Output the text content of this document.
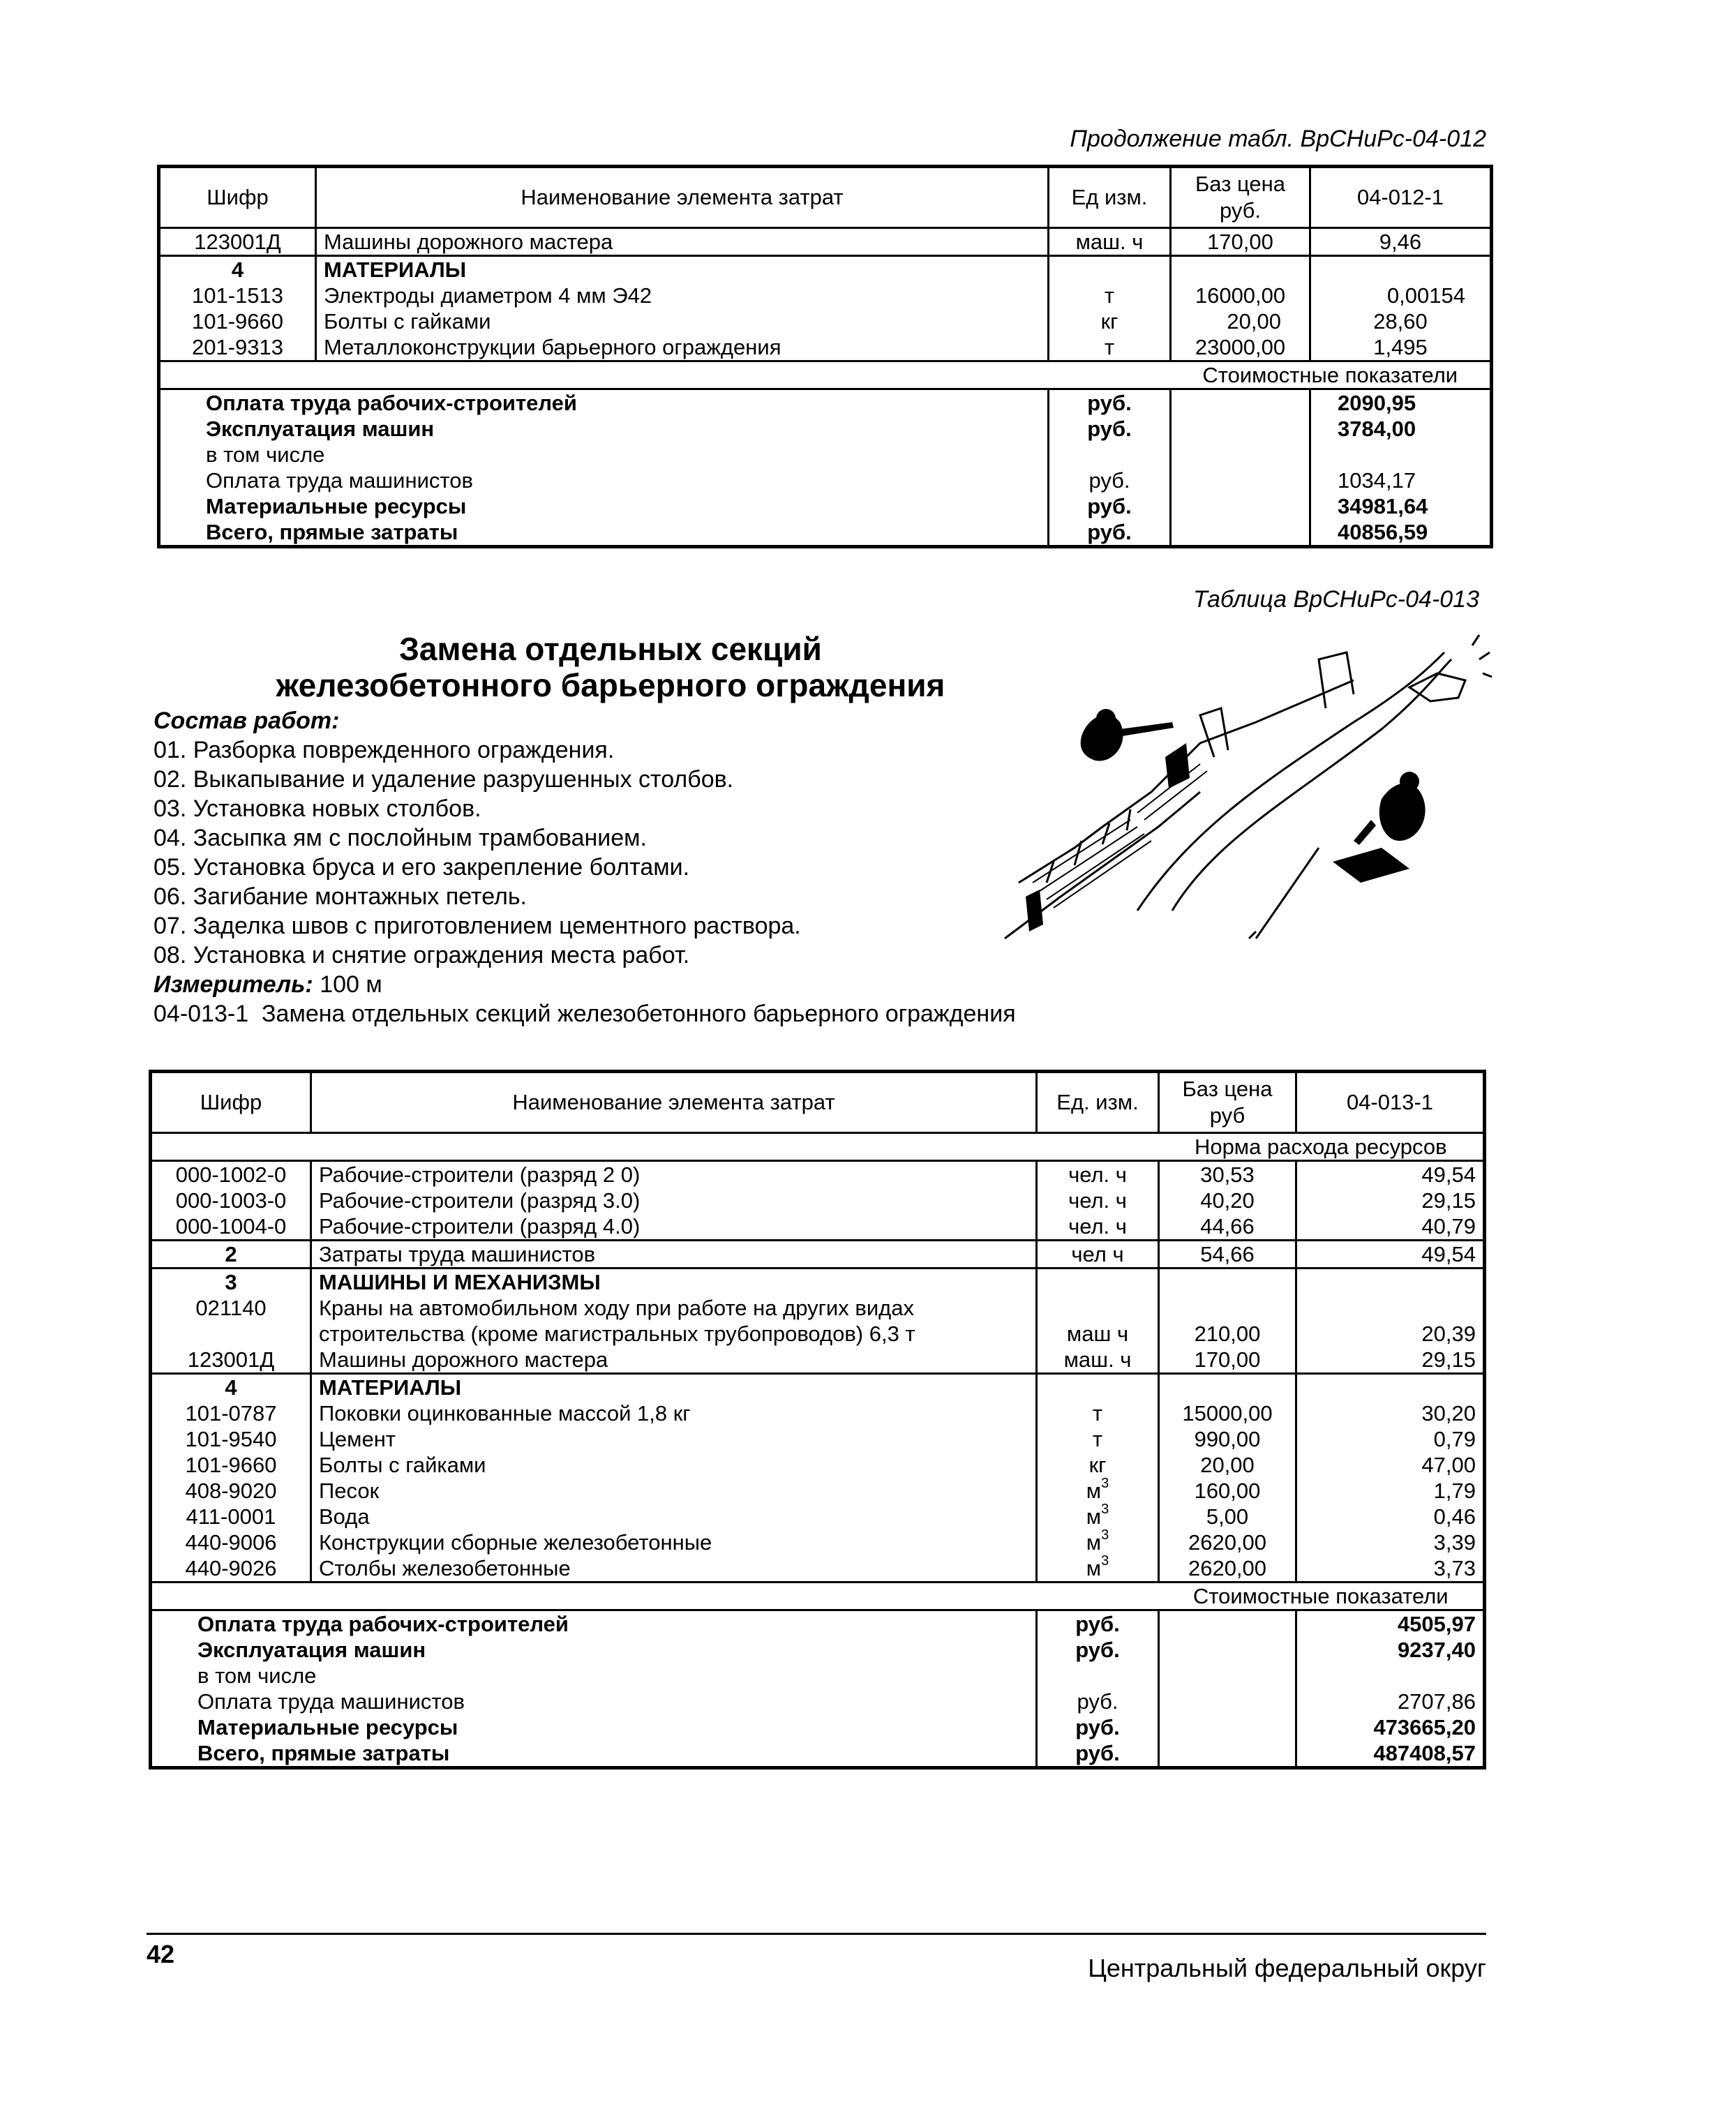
Продолжение табл. ВрСНиРс-04-012
Шифр	Наименование элемента затрат	Ед изм.	Баз цена руб.	04-012-1
123001Д	Машины дорожного мастера	маш. ч	170,00	9,46
4	МАТЕРИАЛЫ			
101-1513	Электроды диаметром 4 мм Э42	т	16000,00	0,00154
101-9660	Болты с гайками	кг	20,00	28,60
201-9313	Металлоконструкции барьерного ограждения	т	23000,00	1,495
			Стоимостные показатели	
Оплата труда рабочих-строителей		руб.		2090,95
Эксплуатация машин		руб.		3784,00
в том числе				
Оплата труда машинистов		руб.		1034,17
Материальные ресурсы		руб.		34981,64
Всего, прямые затраты		руб.		40856,59
Таблица ВрСНиРс-04-013
Замена отдельных секций
железобетонного барьерного ограждения
Состав работ:
01. Разборка поврежденного ограждения.
02. Выкапывание и удаление разрушенных столбов.
03. Установка новых столбов.
04. Засыпка ям с послойным трамбованием.
05. Установка бруса и его закрепление болтами.
06. Загибание монтажных петель.
07. Заделка швов с приготовлением цементного раствора.
08. Установка и снятие ограждения места работ.
Измеритель: 100 м
04-013-1  Замена отдельных секций железобетонного барьерного ограждения
Шифр	Наименование элемента затрат	Ед. изм.	Баз цена руб	04-013-1
			Норма расхода ресурсов	
000-1002-0	Рабочие-строители (разряд 2 0)	чел. ч	30,53	49,54
000-1003-0	Рабочие-строители (разряд 3.0)	чел. ч	40,20	29,15
000-1004-0	Рабочие-строители (разряд 4.0)	чел. ч	44,66	40,79
2	Затраты труда машинистов	чел ч	54,66	49,54
3	МАШИНЫ И МЕХАНИЗМЫ			
021140	Краны на автомобильном ходу при работе на других видах			
	строительства (кроме магистральных трубопроводов) 6,3 т	маш ч	210,00	20,39
123001Д	Машины дорожного мастера	маш. ч	170,00	29,15
4	МАТЕРИАЛЫ			
101-0787	Поковки оцинкованные массой 1,8 кг	т	15000,00	30,20
101-9540	Цемент	т	990,00	0,79
101-9660	Болты с гайками	кг	20,00	47,00
408-9020	Песок	$м^3$	160,00	1,79
411-0001	Вода	$м^3$	5,00	0,46
440-9006	Конструкции сборные железобетонные	$м^3$	2620,00	3,39
440-9026	Столбы железобетонные	$м^3$	2620,00	3,73
			Стоимостные показатели	
Оплата труда рабочих-строителей		руб.		4505,97
Эксплуатация машин		руб.		9237,40
в том числе				
Оплата труда машинистов		руб.		2707,86
Материальные ресурсы		руб.		473665,20
Всего, прямые затраты		руб.		487408,57
42	Центральный федеральный округ
